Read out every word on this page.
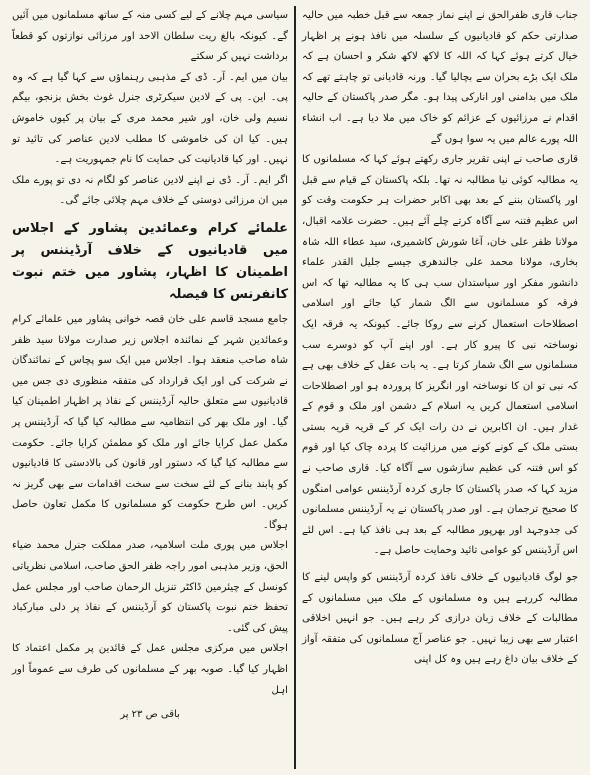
جناب قاری ظفرالحق نے اپنے نماز جمعہ سے قبل خطبہ میں حالیہ صدارتی حکم کو قادیانیوں کے سلسلہ میں نافذ ہونے پر اظہار خیال کرتے ہوئے کہا کہ اللہ کا لاکھ لاکھ شکر و احسان ہے کہ ملک ایک بڑے بحران سے بچالیا گیا۔ ورنہ قادیانی تو چاہتے تھے کہ ملک میں بدامنی اور انارکی پیدا ہو۔ مگر صدر پاکستان کے حالیہ اقدام نے مرزائیوں کے عزائم کو خاک میں ملا دیا ہے۔ اب انشاء اللہ پورے عالم میں یہ سوا ہوں گے

قاری صاحب نے اپنی تقریر جاری رکھتے ہوئے کہا کہ مسلمانوں کا یہ مطالبہ کوئی نیا مطالبہ نہ تھا۔ بلکہ پاکستان کے قیام سے قبل اور پاکستان بننے کے بعد بھی اکابر حضرات ہر حکومت وقت کو اس عظیم فتنہ سے آگاہ کرتے چلے آئے ہیں۔ حضرت علامہ اقبال، مولانا ظفر علی خان، آغا شورش کاشمیری، سید عطاء اللہ شاہ بخاری، مولانا محمد علی جالندھری جیسے جلیل القدر علماء دانشور مفکر اور سیاستدان سب ہی کا یہ مطالبہ تھا کہ اس فرقہ کو مسلمانوں سے الگ شمار کیا جائے اور اسلامی اصطلاحات استعمال کرنے سے روکا جائے۔ کیونکہ یہ فرقہ ایک نوساختہ نبی کا پیرو کار ہے۔ اور اپنے آپ کو دوسرے سب مسلمانوں سے الگ شمار کرتا ہے۔ یہ بات عقل کے خلاف بھی ہے کہ نبی تو ان کا نوساختہ اور انگریز کا پروردہ ہو اور اصطلاحات اسلامی استعمال کریں یہ اسلام کے دشمن اور ملک و قوم کے غدار ہیں۔ ان اکابرین نے دن رات ایک کر کے قریہ قریہ بستی بستی ملک کے کونے کونے میں مرزائیت کا پردہ چاک کیا اور قوم کو اس فتنہ کی عظیم سازشوں سے آگاہ کیا۔ قاری صاحب نے مزید کہا کہ صدر پاکستان کا جاری کردہ آرڈیننس عوامی امنگوں کا صحیح ترجمان ہے۔ اور صدر پاکستان نے یہ آرڈیننس مسلمانوں کی جدوجہد اور بھرپور مطالبہ کے بعد ہی نافذ کیا ہے۔ اس لئے اس آرڈیننس کو عوامی تائید وحمایت حاصل ہے۔

جو لوگ قادیانیوں کے خلاف نافذ کردہ آرڈیننس کو واپس لینے کا مطالبہ کررہے ہیں وہ مسلمانوں کے ملک میں مسلمانوں کے مطالبات کے خلاف زبان درازی کر رہے ہیں۔ جو انہیں اخلاقی اعتبار سے بھی زیبا نہیں۔ جو عناصر آج مسلمانوں کی متفقہ آواز کے خلاف بیان داغ رہے ہیں وہ کل اپنی

سیاسی مہم چلانے کے لیے کسی منہ کے ساتھ مسلمانوں میں آئیں گے۔ کیونکہ بالغ ریت سلطان الاحد اور مرزائی نوازتوں کو قطعاً برداشت نہیں کر سکتے

بیان میں ایم۔ آر۔ ڈی کے مذہبی رہنماؤں سے کہا گیا ہے کہ وہ پی۔ این۔ پی کے لادین سیکرٹری جنرل غوث بخش بزنجو، بیگم نسیم ولی خان، اور شیر محمد مری کے بیان پر کیوں خاموش ہیں۔ کیا ان کی خاموشی کا مطلب لادین عناصر کی تائید تو نہیں۔ اور کیا قادیانیت کی حمایت کا نام جمہوریت ہے۔

اگر ایم۔ آر۔ ڈی نے اپنے لادین عناصر کو لگام نہ دی تو پورے ملک میں ان مرزائی دوستی کے خلاف مہم چلائی جائے گی۔

علمائے کرام وعمائدین پشاور کے اجلاس میں قادیانیوں کے خلاف آرڈیننس پر اطمینان کا اظہار، پشاور میں ختم نبوت کانفرنس کا فیصلہ

جامع مسجد قاسم علی خان قصہ خوانی پشاور میں علمائے کرام وعمائدین شہر کے نمائندہ اجلاس زیر صدارت مولانا سید ظفر شاہ صاحب منعقد ہوا۔ اجلاس میں ایک سو پچاس کے نمائندگان نے شرکت کی اور ایک قرارداد کی متفقہ منظوری دی جس میں قادیانیوں سے متعلق حالیہ آرڈیننس کے نفاذ پر اظہار اطمینان کیا گیا۔ اور ملک بھر کی انتظامیہ سے مطالبہ کیا گیا کہ آرڈیننس پر مکمل عمل کرایا جائے اور ملک کو مطمئن کرایا جائے۔ حکومت سے مطالبہ کیا گیا کہ دستور اور قانون کی بالادستی کا قادیانیوں کو پابند بنانے کے لئے سخت سے سخت اقدامات سے بھی گریز نہ کریں۔ اس طرح حکومت کو مسلمانوں کا مکمل تعاون حاصل ہوگا۔

اجلاس میں پوری ملت اسلامیہ، صدر مملکت جنرل محمد ضیاء الحق، وزیر مذہبی امور راجہ ظفر الحق صاحب، اسلامی نظریاتی کونسل کے چیئرمین ڈاکٹر تنزیل الرحمان صاحب اور مجلس عمل تحفظ ختم نبوت پاکستان کو آرڈیننس کے نفاذ پر دلی مبارکباد پیش کی گئی۔

اجلاس میں مرکزی مجلس عمل کے قائدین پر مکمل اعتماد کا اظہار کیا گیا۔ صوبہ بھر کے مسلمانوں کی طرف سے عموماً اور اہل

باقی ص ۲۳ پر
